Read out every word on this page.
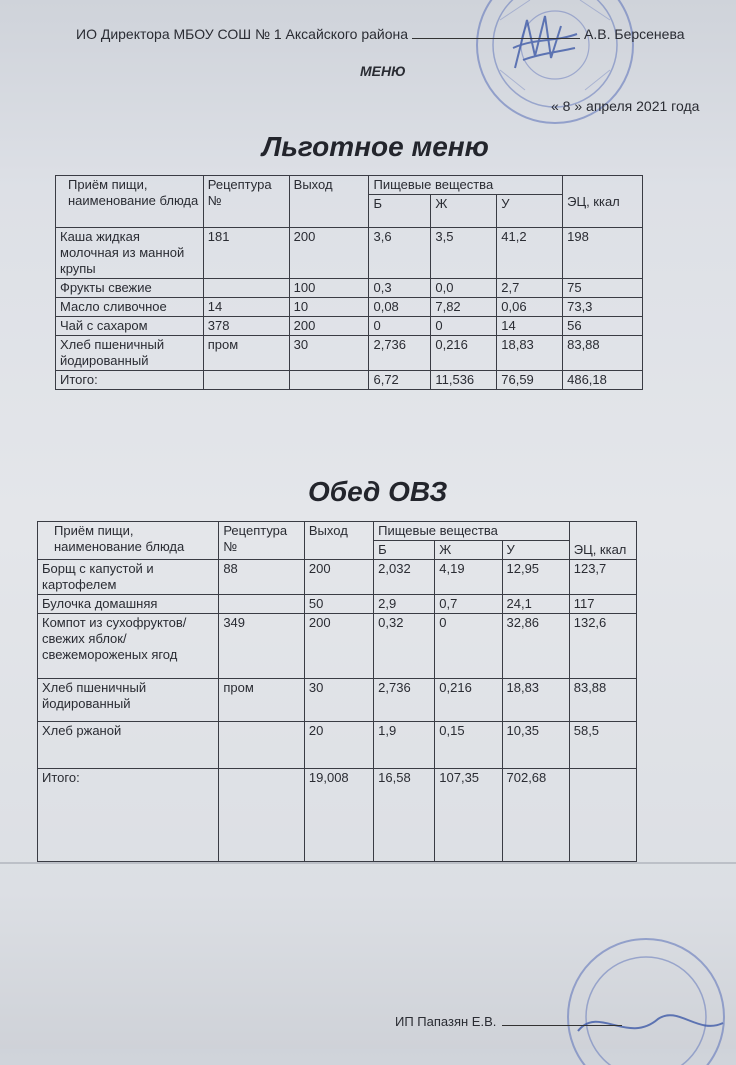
ИО Директора МБОУ СОШ № 1 Аксайского района	А.В. Берсенева
МЕНЮ
« 8 » апреля 2021 года
Льготное меню
Приём пищи, наименование блюда	Рецептура №	Выход	Пищевые вещества			ЭЦ, ккал
			Б	Ж	У	
Каша жидкая молочная из манной крупы	181	200	3,6	3,5	41,2	198
Фрукты свежие		100	0,3	0,0	2,7	75
Масло сливочное	14	10	0,08	7,82	0,06	73,3
Чай с сахаром	378	200	0	0	14	56
Хлеб пшеничный йодированный	пром	30	2,736	0,216	18,83	83,88
Итого:			6,72	11,536	76,59	486,18
Обед ОВЗ
Приём пищи, наименование блюда	Рецептура №	Выход	Пищевые вещества			ЭЦ, ккал
			Б	Ж	У	
Борщ с капустой и картофелем	88	200	2,032	4,19	12,95	123,7
Булочка домашняя		50	2,9	0,7	24,1	117
Компот из сухофруктов/свежих яблок/свежемороженых ягод	349	200	0,32	0	32,86	132,6
Хлеб пшеничный йодированный	пром	30	2,736	0,216	18,83	83,88
Хлеб ржаной		20	1,9	0,15	10,35	58,5
Итого:		19,008	16,58	107,35	702,68	
ИП Папазян Е.В.
